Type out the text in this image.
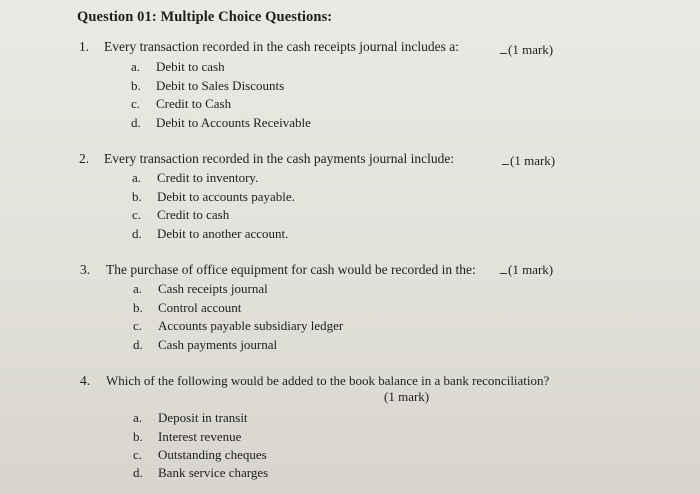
Question 01: Multiple Choice Questions:
1. Every transaction recorded in the cash receipts journal includes a:	(1 mark)
a. Debit to cash
b. Debit to Sales Discounts
c. Credit to Cash
d. Debit to Accounts Receivable
2. Every transaction recorded in the cash payments journal include:	(1 mark)
a. Credit to inventory.
b. Debit to accounts payable.
c. Credit to cash
d. Debit to another account.
3. The purchase of office equipment for cash would be recorded in the:	(1 mark)
a. Cash receipts journal
b. Control account
c. Accounts payable subsidiary ledger
d. Cash payments journal
4. Which of the following would be added to the book balance in a bank reconciliation?
(1 mark)
a. Deposit in transit
b. Interest revenue
c. Outstanding cheques
d. Bank service charges
